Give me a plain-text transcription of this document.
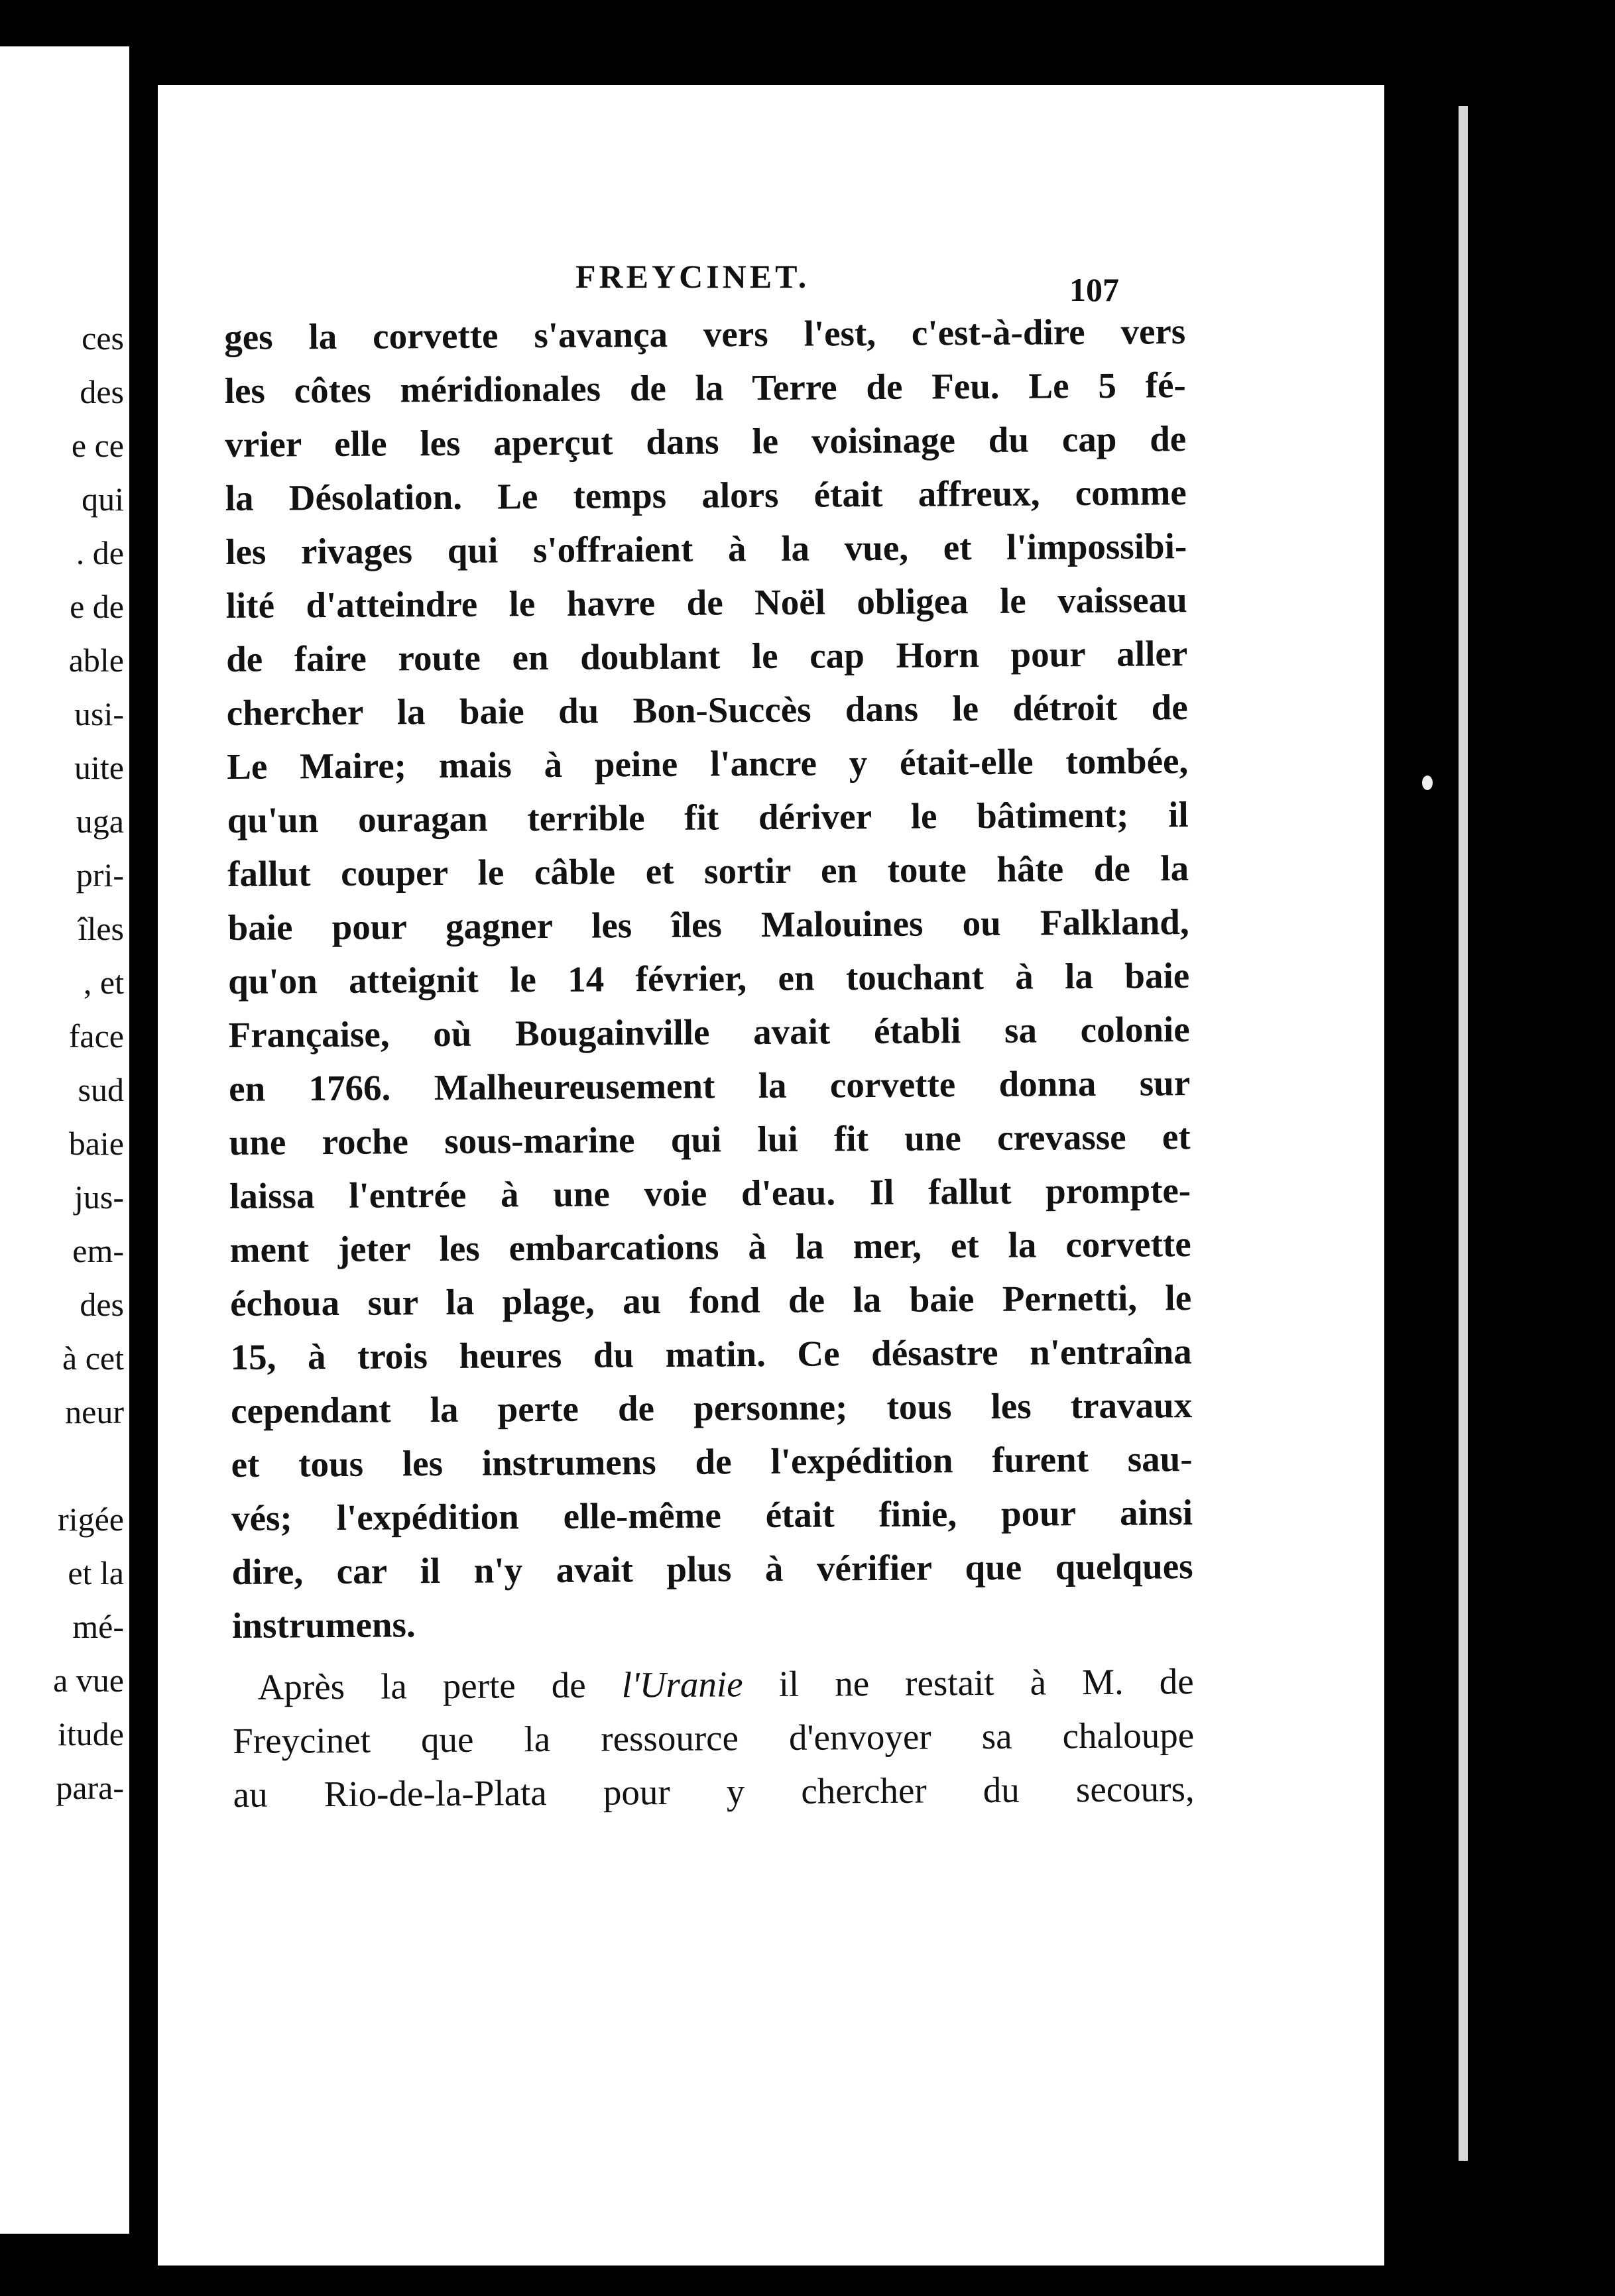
ces
des
e ce
qui
. de
e de
able
usi-
uite
uga
pri-
îles
, et
face
sud
baie
jus-
em-
des
à cet
neur
rigée
et la
mé-
a vue
itude
para-
FREYCINET.	107
ges la corvette s'avança vers l'est, c'est-à-dire vers
les côtes méridionales de la Terre de Feu. Le 5 fé-
vrier elle les aperçut dans le voisinage du cap de
la Désolation. Le temps alors était affreux, comme
les rivages qui s'offraient à la vue, et l'impossibi-
lité d'atteindre le havre de Noël obligea le vaisseau
de faire route en doublant le cap Horn pour aller
chercher la baie du Bon-Succès dans le détroit de
Le Maire; mais à peine l'ancre y était-elle tombée,
qu'un ouragan terrible fit dériver le bâtiment; il
fallut couper le câble et sortir en toute hâte de la
baie pour gagner les îles Malouines ou Falkland,
qu'on atteignit le 14 février, en touchant à la baie
Française, où Bougainville avait établi sa colonie
en 1766. Malheureusement la corvette donna sur
une roche sous-marine qui lui fit une crevasse et
laissa l'entrée à une voie d'eau. Il fallut prompte-
ment jeter les embarcations à la mer, et la corvette
échoua sur la plage, au fond de la baie Pernetti, le
15, à trois heures du matin. Ce désastre n'entraîna
cependant la perte de personne; tous les travaux
et tous les instrumens de l'expédition furent sau-
vés; l'expédition elle-même était finie, pour ainsi
dire, car il n'y avait plus à vérifier que quelques
instrumens.
Après la perte de l'Uranie il ne restait à M. de
Freycinet que la ressource d'envoyer sa chaloupe
au Rio-de-la-Plata pour y chercher du secours,
